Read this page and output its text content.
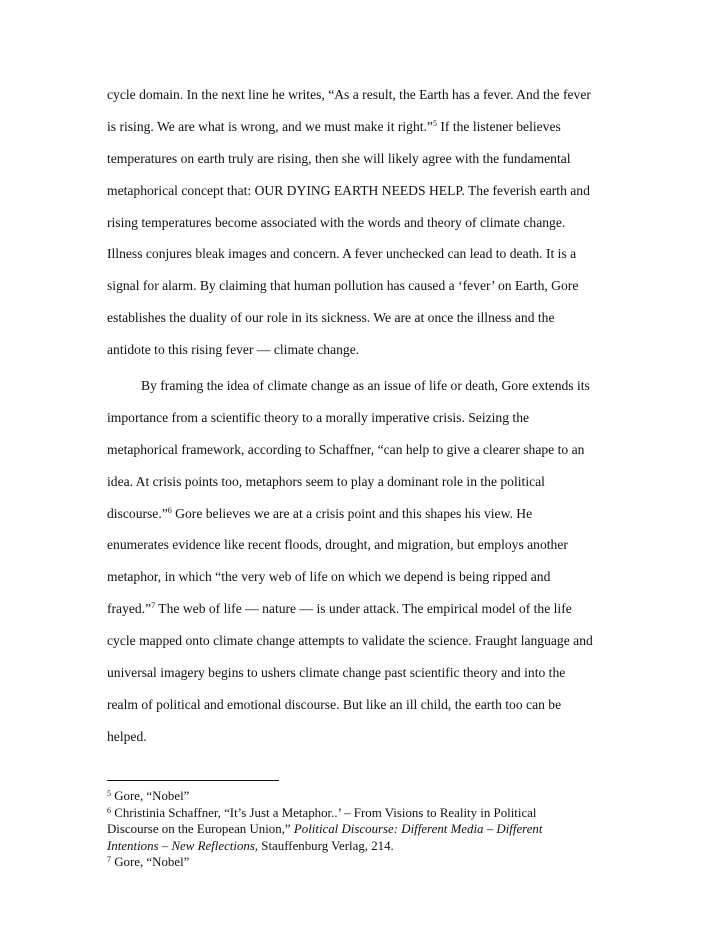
cycle domain. In the next line he writes, “As a result, the Earth has a fever. And the fever
is rising. We are what is wrong, and we must make it right.”$^5$ If the listener believes
temperatures on earth truly are rising, then she will likely agree with the fundamental
metaphorical concept that: OUR DYING EARTH NEEDS HELP. The feverish earth and
rising temperatures become associated with the words and theory of climate change.
Illness conjures bleak images and concern. A fever unchecked can lead to death. It is a
signal for alarm. By claiming that human pollution has caused a ‘fever’ on Earth, Gore
establishes the duality of our role in its sickness. We are at once the illness and the
antidote to this rising fever — climate change.
By framing the idea of climate change as an issue of life or death, Gore extends its
importance from a scientific theory to a morally imperative crisis. Seizing the
metaphorical framework, according to Schaffner, “can help to give a clearer shape to an
idea. At crisis points too, metaphors seem to play a dominant role in the political
discourse.”$^6$ Gore believes we are at a crisis point and this shapes his view. He
enumerates evidence like recent floods, drought, and migration, but employs another
metaphor, in which “the very web of life on which we depend is being ripped and
frayed.”$^7$ The web of life — nature — is under attack. The empirical model of the life
cycle mapped onto climate change attempts to validate the science. Fraught language and
universal imagery begins to ushers climate change past scientific theory and into the
realm of political and emotional discourse. But like an ill child, the earth too can be
helped.
$^5$ Gore, “Nobel”
$^6$ Christinia Schaffner, “It’s Just a Metaphor..’ – From Visions to Reality in Political
Discourse on the European Union,” Political Discourse: Different Media – Different
Intentions – New Reflections, Stauffenburg Verlag, 214.
$^7$ Gore, “Nobel”
